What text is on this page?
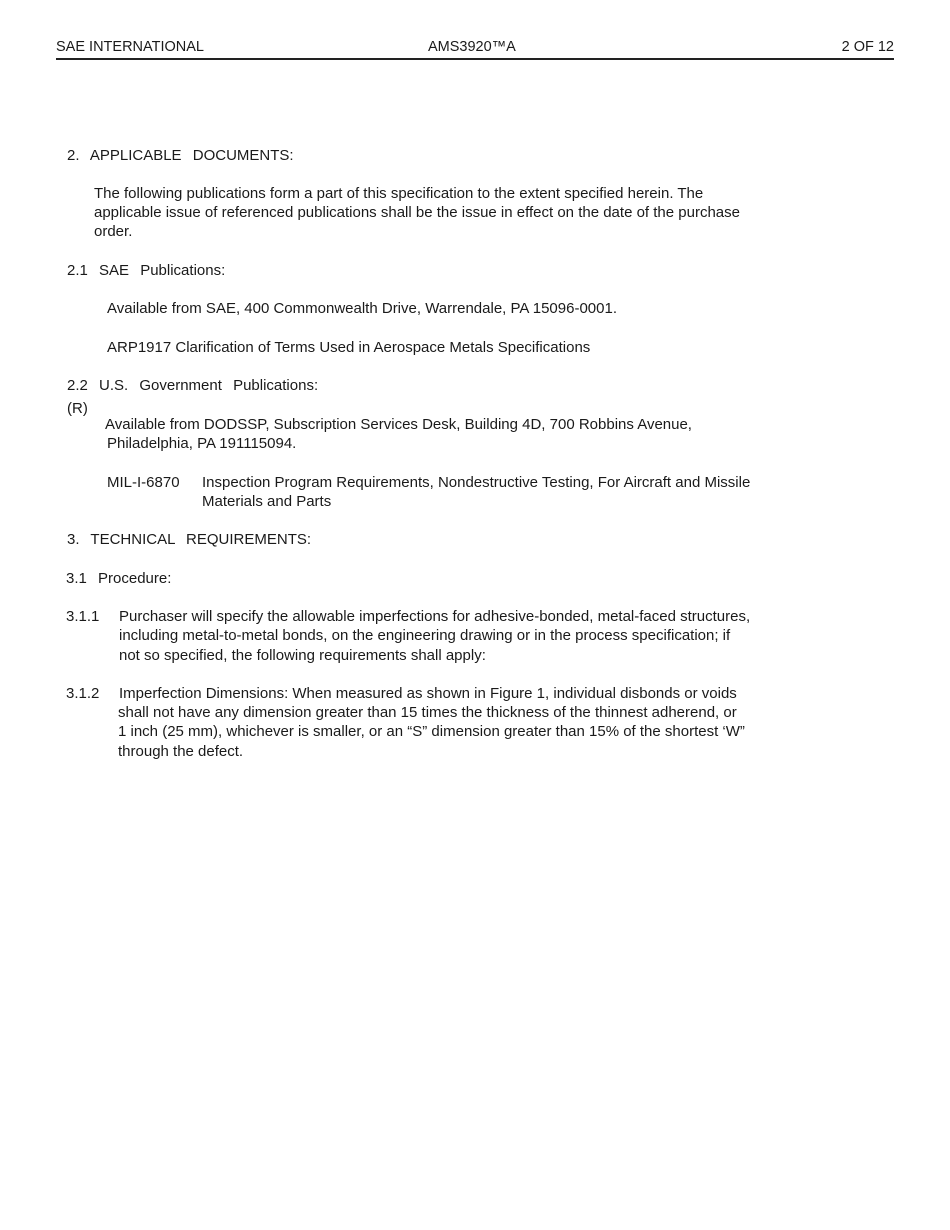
SAE INTERNATIONAL	AMS3920™A	2 OF 12
2. APPLICABLE DOCUMENTS:
The following publications form a part of this specification to the extent specified herein. The
applicable issue of referenced publications shall be the issue in effect on the date of the purchase
order.
2.1 SAE Publications:
Available from SAE, 400 Commonwealth Drive, Warrendale, PA 15096-0001.
ARP1917 Clarification of Terms Used in Aerospace Metals Specifications
2.2 U.S. Government Publications:
(R)
Available from DODSSP, Subscription Services Desk, Building 4D, 700 Robbins Avenue,
Philadelphia, PA 191115094.
MIL-I-6870 Inspection Program Requirements, Nondestructive Testing, For Aircraft and Missile
Materials and Parts
3. TECHNICAL REQUIREMENTS:
3.1 Procedure:
3.1.1 Purchaser will specify the allowable imperfections for adhesive-bonded, metal-faced structures,
including metal-to-metal bonds, on the engineering drawing or in the process specification; if
not so specified, the following requirements shall apply:
3.1.2 Imperfection Dimensions: When measured as shown in Figure 1, individual disbonds or voids
shall not have any dimension greater than 15 times the thickness of the thinnest adherend, or
1 inch (25 mm), whichever is smaller, or an “S” dimension greater than 15% of the shortest ‘W”
through the defect.
